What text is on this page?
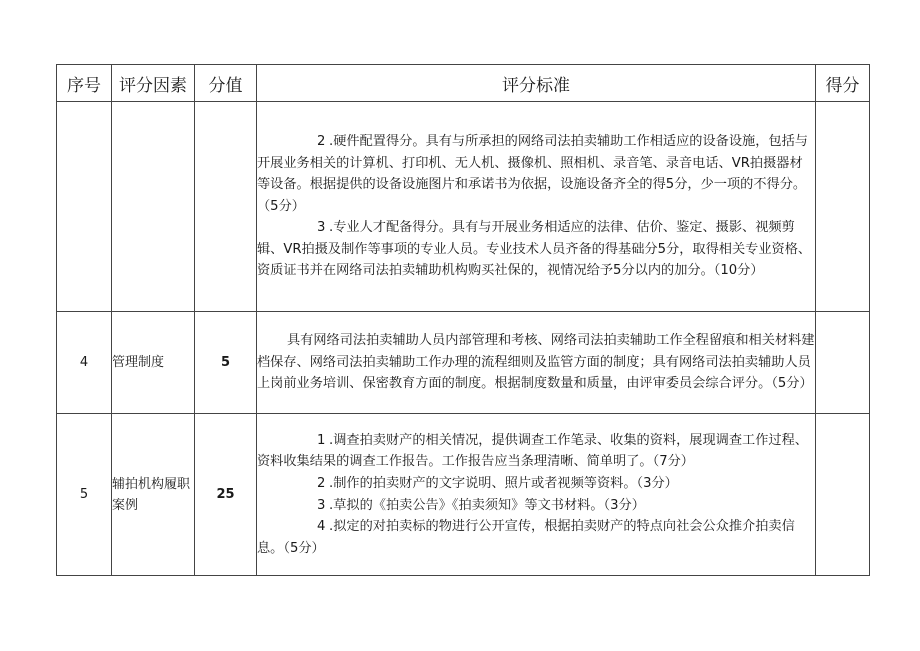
序号	评分因素	分值	评分标准	得分

			2 .硬件配置得分。具有与所承担的网络司法拍卖辅助工作相适应的设备设施，包括与开展业务相关的计算机、打印机、无人机、摄像机、照相机、录音笔、录音电话、VR拍摄器材等设备。根据提供的设备设施图片和承诺书为依据，设施设备齐全的得5分，少一项的不得分。（5分）

3 .专业人才配备得分。具有与开展业务相适应的法律、估价、鉴定、摄影、视频剪辑、VR拍摄及制作等事项的专业人员。专业技术人员齐备的得基础分5分，取得相关专业资格、资质证书并在网络司法拍卖辅助机构购买社保的，视情况给予5分以内的加分。（10分）

4	管理制度	5	具有网络司法拍卖辅助人员内部管理和考核、网络司法拍卖辅助工作全程留痕和相关材料建档保存、网络司法拍卖辅助工作办理的流程细则及监管方面的制度；具有网络司法拍卖辅助人员上岗前业务培训、保密教育方面的制度。根据制度数量和质量，由评审委员会综合评分。（5分）	

5	辅拍机构履职案例	25	1 .调查拍卖财产的相关情况，提供调查工作笔录、收集的资料，展现调查工作过程、资料收集结果的调查工作报告。工作报告应当条理清晰、简单明了。（7分）

2 .制作的拍卖财产的文字说明、照片或者视频等资料。（3分）

3 .草拟的《拍卖公告》《拍卖须知》等文书材料。（3分）

4 .拟定的对拍卖标的物进行公开宣传，根据拍卖财产的特点向社会公众推介拍卖信息。（5分）
